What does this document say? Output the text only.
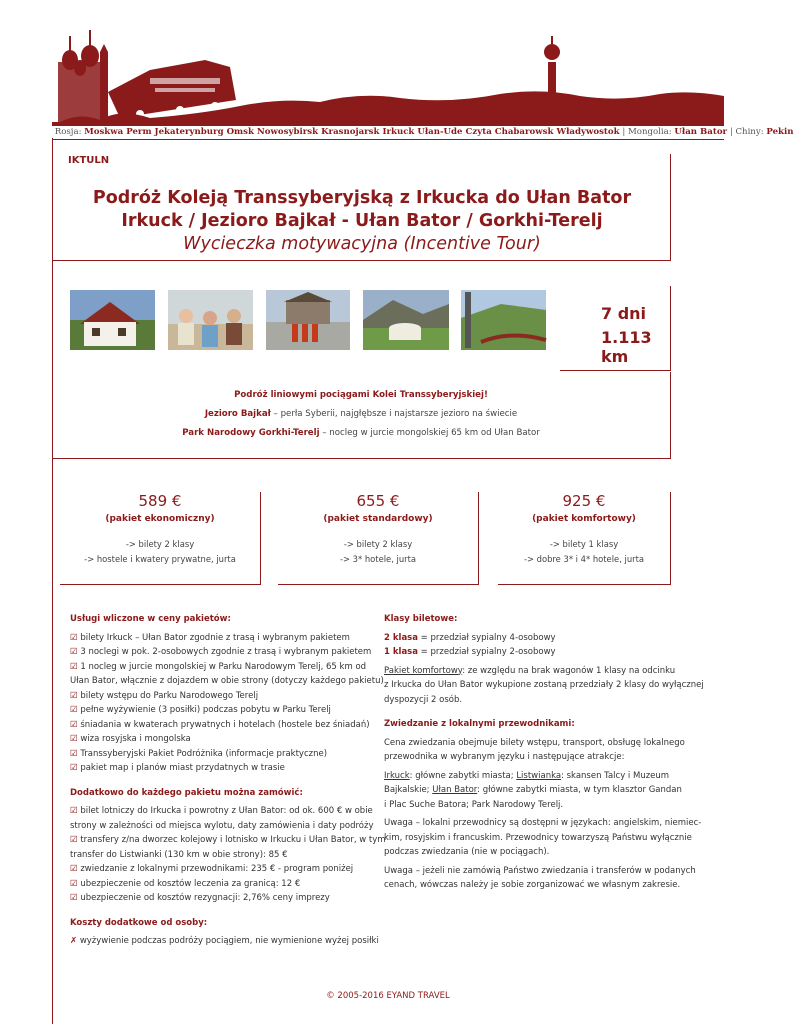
Rosja: Moskwa Perm Jekaterynburg Omsk Nowosybirsk Krasnojarsk Irkuck Ułan-Ude Czyta Chabarowsk Władywostok | Mongolia: Ułan Bator | Chiny: Pekin
IKTULN
Podróż Koleją Transsyberyjską z Irkucka do Ułan Bator
Irkuck / Jezioro Bajkał - Ułan Bator / Gorkhi-Terelj
Wycieczka motywacyjna (Incentive Tour)
7 dni
1.113 km
Podróż liniowymi pociągami Kolei Transsyberyjskiej!
Jezioro Bajkał – perła Syberii, najgłębsze i najstarsze jezioro na świecie
Park Narodowy Gorkhi-Terelj – nocleg w jurcie mongolskiej 65 km od Ułan Bator
589 €
(pakiet ekonomiczny)
-> bilety 2 klasy
-> hostele i kwatery prywatne, jurta
655 €
(pakiet standardowy)
-> bilety 2 klasy
-> 3* hotele, jurta
925 €
(pakiet komfortowy)
-> bilety 1 klasy
-> dobre 3* i 4* hotele, jurta
Usługi wliczone w ceny pakietów:
☑ bilety Irkuck – Ułan Bator zgodnie z trasą i wybranym pakietem
☑ 3 noclegi w pok. 2-osobowych zgodnie z trasą i wybranym pakietem
☑ 1 nocleg w jurcie mongolskiej w Parku Narodowym Terelj, 65 km od
Ułan Bator, włącznie z dojazdem w obie strony (dotyczy każdego pakietu)
☑ bilety wstępu do Parku Narodowego Terelj
☑ pełne wyżywienie (3 posiłki) podczas pobytu w Parku Terelj
☑ śniadania w kwaterach prywatnych i hotelach (hostele bez śniadań)
☑ wiza rosyjska i mongolska
☑ Transsyberyjski Pakiet Podróżnika (informacje praktyczne)
☑ pakiet map i planów miast przydatnych w trasie
Dodatkowo do każdego pakietu można zamówić:
☑ bilet lotniczy do Irkucka i powrotny z Ułan Bator: od ok. 600 € w obie
strony w zależności od miejsca wylotu, daty zamówienia i daty podróży
☑ transfery z/na dworzec kolejowy i lotnisko w Irkucku i Ułan Bator, w tym
transfer do Listwianki (130 km w obie strony): 85 €
☑ zwiedzanie z lokalnymi przewodnikami: 235 € - program poniżej
☑ ubezpieczenie od kosztów leczenia za granicą: 12 €
☑ ubezpieczenie od kosztów rezygnacji: 2,76% ceny imprezy
Koszty dodatkowe od osoby:
✗ wyżywienie podczas podróży pociągiem, nie wymienione wyżej posiłki
Klasy biletowe:
2 klasa = przedział sypialny 4-osobowy
1 klasa = przedział sypialny 2-osobowy
Pakiet komfortowy: ze względu na brak wagonów 1 klasy na odcinku
z Irkucka do Ułan Bator wykupione zostaną przedziały 2 klasy do wyłącznej
dyspozycji 2 osób.
Zwiedzanie z lokalnymi przewodnikami:
Cena zwiedzania obejmuje bilety wstępu, transport, obsługę lokalnego
przewodnika w wybranym języku i następujące atrakcje:
Irkuck: główne zabytki miasta; Listwianka: skansen Talcy i Muzeum
Bajkalskie; Ułan Bator: główne zabytki miasta, w tym klasztor Gandan
i Plac Suche Batora; Park Narodowy Terelj.
Uwaga – lokalni przewodnicy są dostępni w językach: angielskim, niemiec-
kim, rosyjskim i francuskim. Przewodnicy towarzyszą Państwu wyłącznie
podczas zwiedzania (nie w pociągach).
Uwaga – jeżeli nie zamówią Państwo zwiedzania i transferów w podanych
cenach, wówczas należy je sobie zorganizować we własnym zakresie.
© 2005-2016 EYAND TRAVEL
